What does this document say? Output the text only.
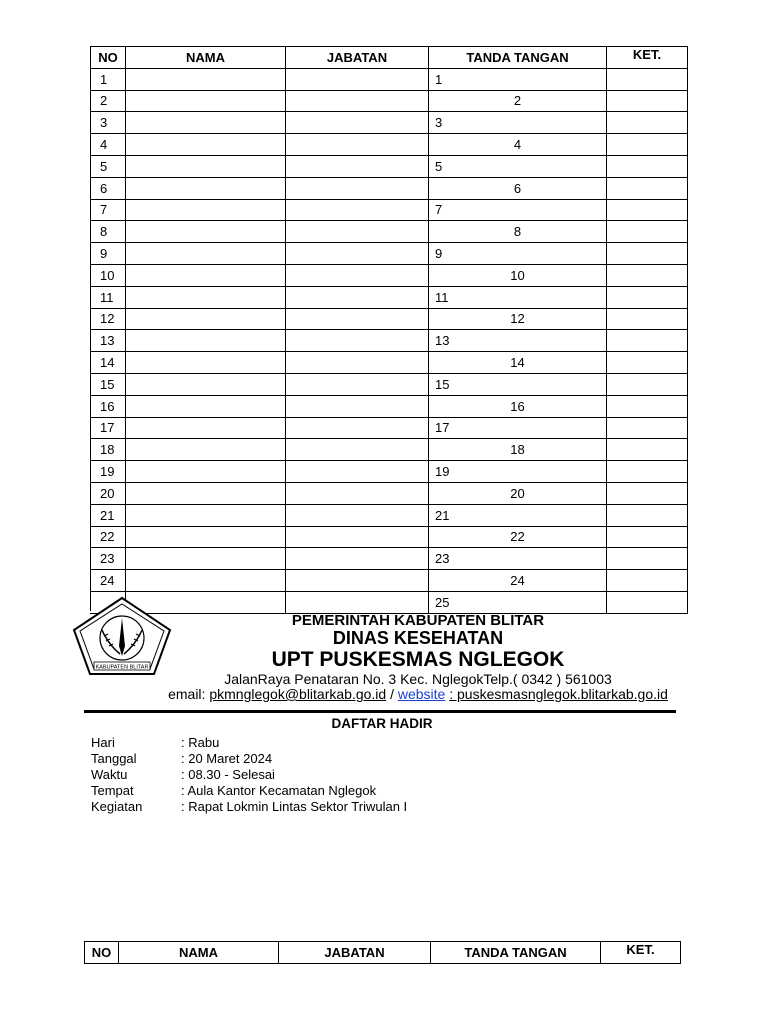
NO	NAMA	JABATAN	TANDA TANGAN	KET.
1			1	
2			2	
3			3	
4			4	
5			5	
6			6	
7			7	
8			8	
9			9	
10			10	
11			11	
12			12	
13			13	
14			14	
15			15	
16			16	
17			17	
18			18	
19			19	
20			20	
21			21	
22			22	
23			23	
24			24	
			25	
KABUPATEN BLITAR
PEMERINTAH KABUPATEN BLITAR
DINAS KESEHATAN
UPT PUSKESMAS NGLEGOK
JalanRaya Penataran No. 3 Kec. NglegokTelp.( 0342 ) 561003
email: pkmnglegok@blitarkab.go.id / website : puskesmasnglegok.blitarkab.go.id
DAFTAR HADIR
Hari	: Rabu
Tanggal	: 20 Maret 2024
Waktu	: 08.30 - Selesai
Tempat	: Aula Kantor Kecamatan Nglegok
Kegiatan	: Rapat Lokmin Lintas Sektor Triwulan I
NO	NAMA	JABATAN	TANDA TANGAN	KET.
